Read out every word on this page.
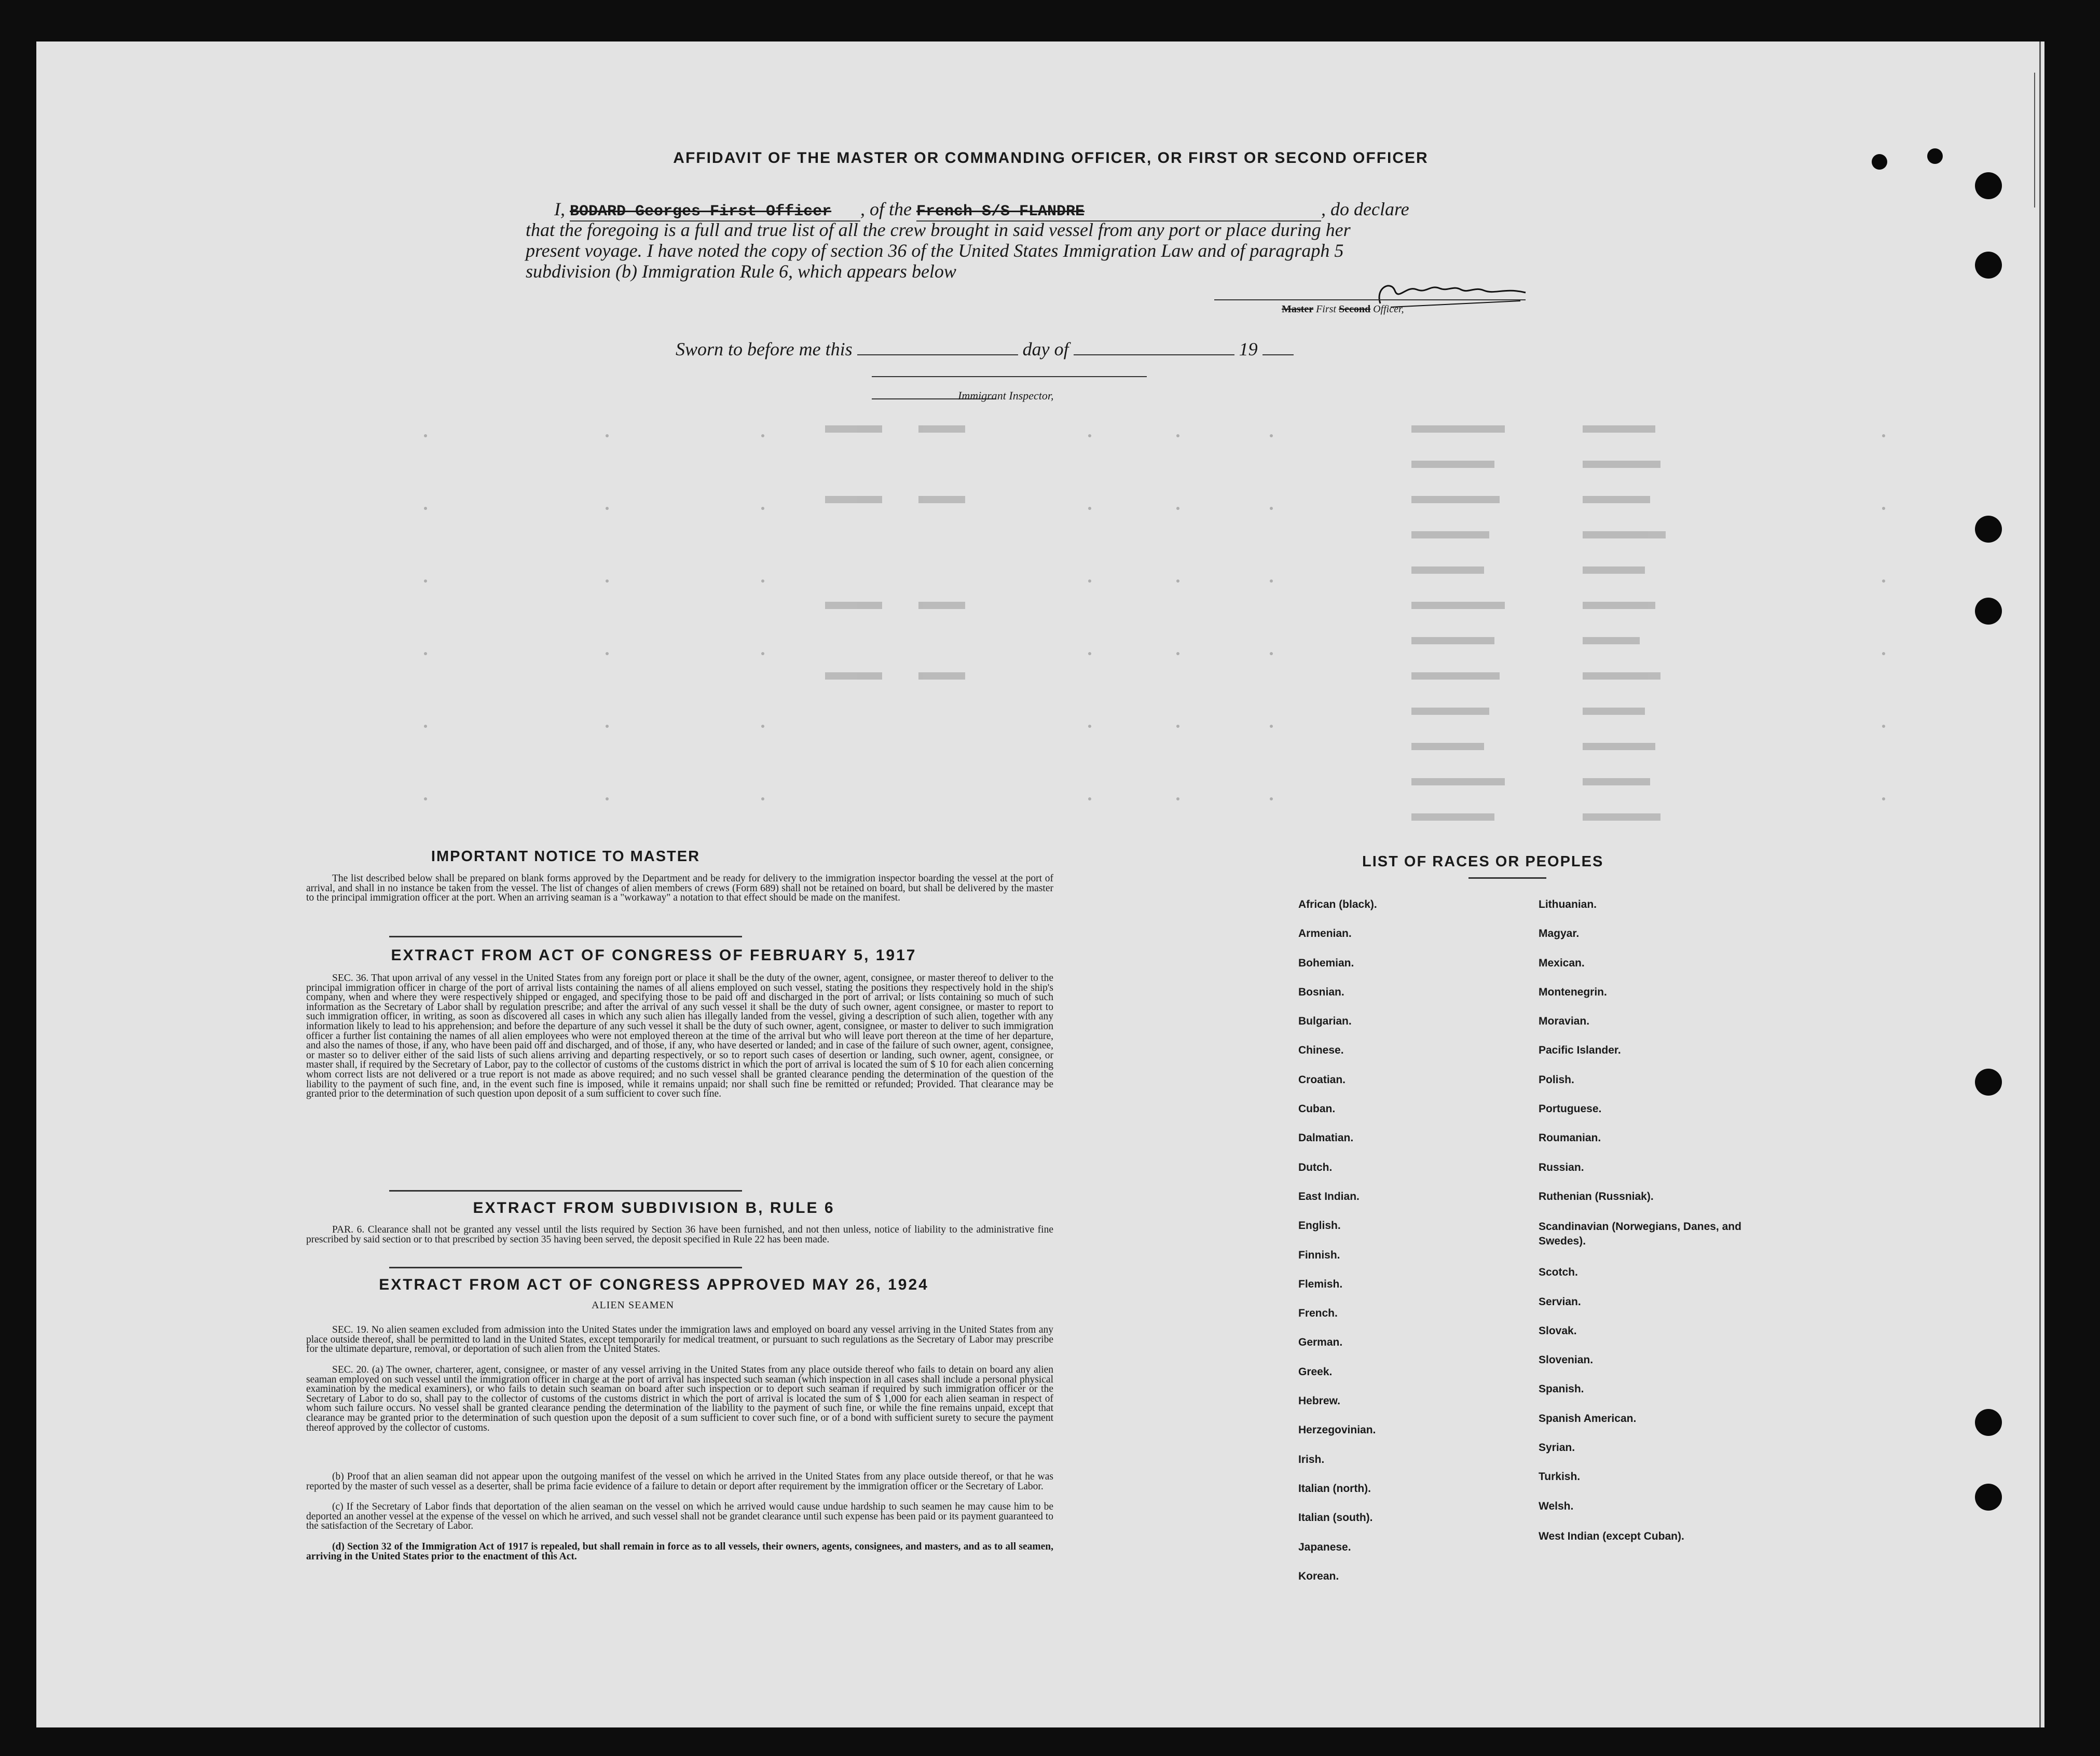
AFFIDAVIT OF THE MASTER OR COMMANDING OFFICER, OR FIRST OR SECOND OFFICER
I, BODARD Georges First Officer , of the French S/S FLANDRE	, do declare
that the foregoing is a full and true list of all the crew brought in said vessel from any port or place during her
present voyage. I have noted the copy of section 36 of the United States Immigration Law and of paragraph 5
subdivision (b) Immigration Rule 6, which appears below
Master First Second Officer,
Sworn to before me this	day of	19
Immigrant Inspector,
IMPORTANT NOTICE TO MASTER
The list described below shall be prepared on blank forms approved by the Department and be ready for delivery to the immigration inspector boarding the vessel at the port of arrival, and shall in no instance be taken from the vessel. The list of changes of alien members of crews (Form 689) shall not be retained on board, but shall be delivered by the master to the principal immigration officer at the port. When an arriving seaman is a "workaway" a notation to that effect should be made on the manifest.
EXTRACT FROM ACT OF CONGRESS OF FEBRUARY 5, 1917
SEC. 36. That upon arrival of any vessel in the United States from any foreign port or place it shall be the duty of the owner, agent, consignee, or master thereof to deliver to the principal immigration officer in charge of the port of arrival lists containing the names of all aliens employed on such vessel, stating the positions they respectively hold in the ship's company, when and where they were respectively shipped or engaged, and specifying those to be paid off and discharged in the port of arrival; or lists containing so much of such information as the Secretary of Labor shall by regulation prescribe; and after the arrival of any such vessel it shall be the duty of such owner, agent consignee, or master to report to such immigration officer, in writing, as soon as discovered all cases in which any such alien has illegally landed from the vessel, giving a description of such alien, together with any information likely to lead to his apprehension; and before the departure of any such vessel it shall be the duty of such owner, agent, consignee, or master to deliver to such immigration officer a further list containing the names of all alien employees who were not employed thereon at the time of the arrival but who will leave port thereon at the time of her departure, and also the names of those, if any, who have been paid off and discharged, and of those, if any, who have deserted or landed; and in case of the failure of such owner, agent, consignee, or master so to deliver either of the said lists of such aliens arriving and departing respectively, or so to report such cases of desertion or landing, such owner, agent, consignee, or master shall, if required by the Secretary of Labor, pay to the collector of customs of the customs district in which the port of arrival is located the sum of $ 10 for each alien concerning whom correct lists are not delivered or a true report is not made as above required; and no such vessel shall be granted clearance pending the determination of the question of the liability to the payment of such fine, and, in the event such fine is imposed, while it remains unpaid; nor shall such fine be remitted or refunded; Provided. That clearance may be granted prior to the determination of such question upon deposit of a sum sufficient to cover such fine.
EXTRACT FROM SUBDIVISION B, RULE 6
PAR. 6. Clearance shall not be granted any vessel until the lists required by Section 36 have been furnished, and not then unless, notice of liability to the administrative fine prescribed by said section or to that prescribed by section 35 having been served, the deposit specified in Rule 22 has been made.
EXTRACT FROM ACT OF CONGRESS APPROVED MAY 26, 1924
ALIEN SEAMEN
SEC. 19. No alien seamen excluded from admission into the United States under the immigration laws and employed on board any vessel arriving in the United States from any place outside thereof, shall be permitted to land in the United States, except temporarily for medical treatment, or pursuant to such regulations as the Secretary of Labor may prescribe for the ultimate departure, removal, or deportation of such alien from the United States.
SEC. 20. (a) The owner, charterer, agent, consignee, or master of any vessel arriving in the United States from any place outside thereof who fails to detain on board any alien seaman employed on such vessel until the immigration officer in charge at the port of arrival has inspected such seaman (which inspection in all cases shall include a personal physical examination by the medical examiners), or who fails to detain such seaman on board after such inspection or to deport such seaman if required by such immigration officer or the Secretary of Labor to do so, shall pay to the collector of customs of the customs district in which the port of arrival is located the sum of $ 1,000 for each alien seaman in respect of whom such failure occurs. No vessel shall be granted clearance pending the determination of the liability to the payment of such fine, or while the fine remains unpaid, except that clearance may be granted prior to the determination of such question upon the deposit of a sum sufficient to cover such fine, or of a bond with sufficient surety to secure the payment thereof approved by the collector of customs.
(b) Proof that an alien seaman did not appear upon the outgoing manifest of the vessel on which he arrived in the United States from any place outside thereof, or that he was reported by the master of such vessel as a deserter, shall be prima facie evidence of a failure to detain or deport after requirement by the immigration officer or the Secretary of Labor.
(c) If the Secretary of Labor finds that deportation of the alien seaman on the vessel on which he arrived would cause undue hardship to such seamen he may cause him to be deported an another vessel at the expense of the vessel on which he arrived, and such vessel shall not be grandet clearance until such expense has been paid or its payment guaranteed to the satisfaction of the Secretary of Labor.
(d) Section 32 of the Immigration Act of 1917 is repealed, but shall remain in force as to all vessels, their owners, agents, consignees, and masters, and as to all seamen, arriving in the United States prior to the enactment of this Act.
LIST OF RACES OR PEOPLES
African (black).
Armenian.
Bohemian.
Bosnian.
Bulgarian.
Chinese.
Croatian.
Cuban.
Dalmatian.
Dutch.
East Indian.
English.
Finnish.
Flemish.
French.
German.
Greek.
Hebrew.
Herzegovinian.
Irish.
Italian (north).
Italian (south).
Japanese.
Korean.
Lithuanian.
Magyar.
Mexican.
Montenegrin.
Moravian.
Pacific Islander.
Polish.
Portuguese.
Roumanian.
Russian.
Ruthenian (Russniak).
Scandinavian (Norwegians, Danes, and Swedes).
Scotch.
Servian.
Slovak.
Slovenian.
Spanish.
Spanish American.
Syrian.
Turkish.
Welsh.
West Indian (except Cuban).
